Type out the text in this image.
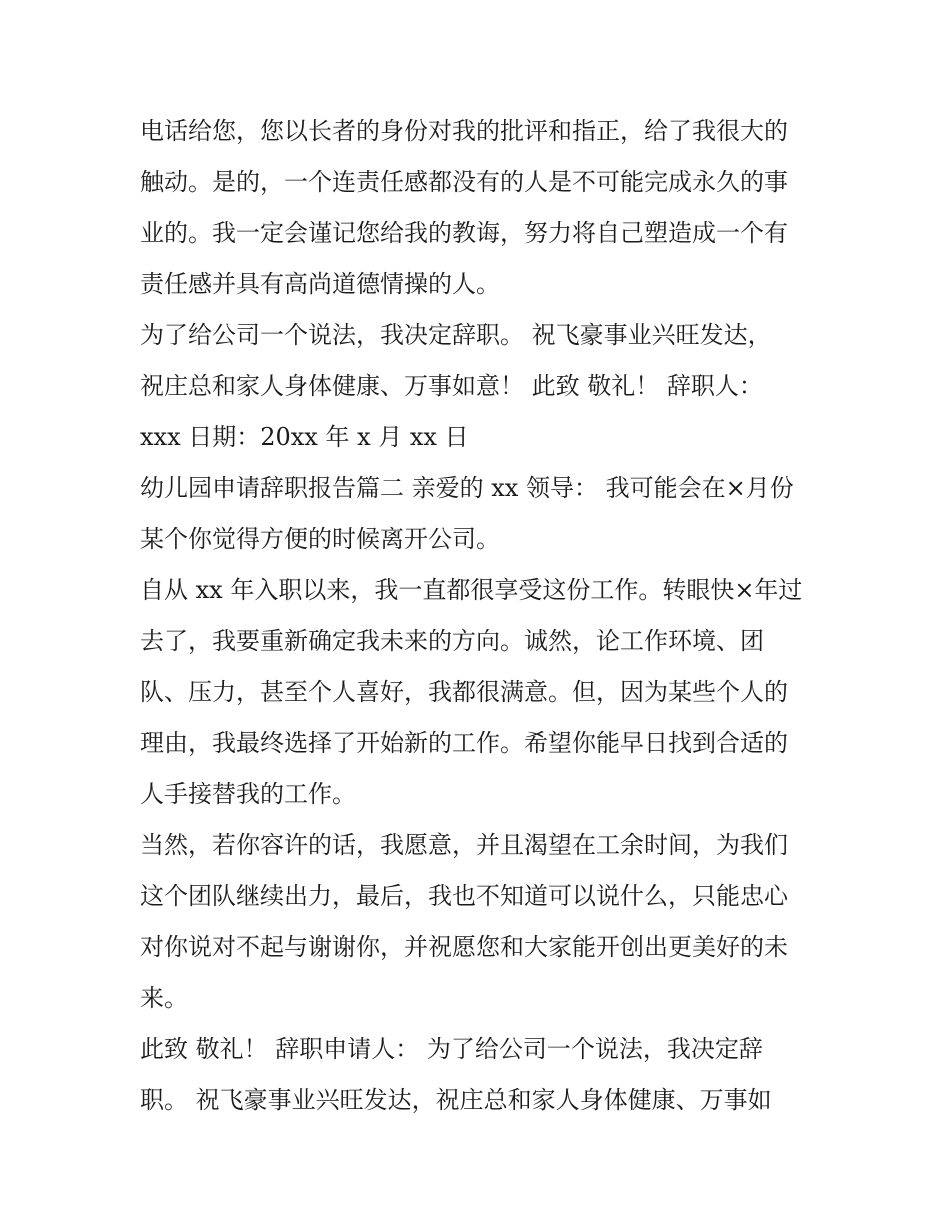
电话给您，您以长者的身份对我的批评和指正，给了我很大的
触动。是的，一个连责任感都没有的人是不可能完成永久的事
业的。我一定会谨记您给我的教诲，努力将自己塑造成一个有
责任感并具有高尚道德情操的人。
为了给公司一个说法，我决定辞职。 祝飞豪事业兴旺发达，
祝庄总和家人身体健康、万事如意！ 此致 敬礼！ 辞职人：
xxx 日期：20xx 年 x 月 xx 日
幼儿园申请辞职报告篇二 亲爱的 xx 领导： 我可能会在×月份
某个你觉得方便的时候离开公司。
自从 xx 年入职以来，我一直都很享受这份工作。转眼快×年过
去了，我要重新确定我未来的方向。诚然，论工作环境、团
队、压力，甚至个人喜好，我都很满意。但，因为某些个人的
理由，我最终选择了开始新的工作。希望你能早日找到合适的
人手接替我的工作。
当然，若你容许的话，我愿意，并且渴望在工余时间，为我们
这个团队继续出力，最后，我也不知道可以说什么，只能忠心
对你说对不起与谢谢你，并祝愿您和大家能开创出更美好的未
来。
此致 敬礼！ 辞职申请人： 为了给公司一个说法，我决定辞
职。 祝飞豪事业兴旺发达，祝庄总和家人身体健康、万事如
